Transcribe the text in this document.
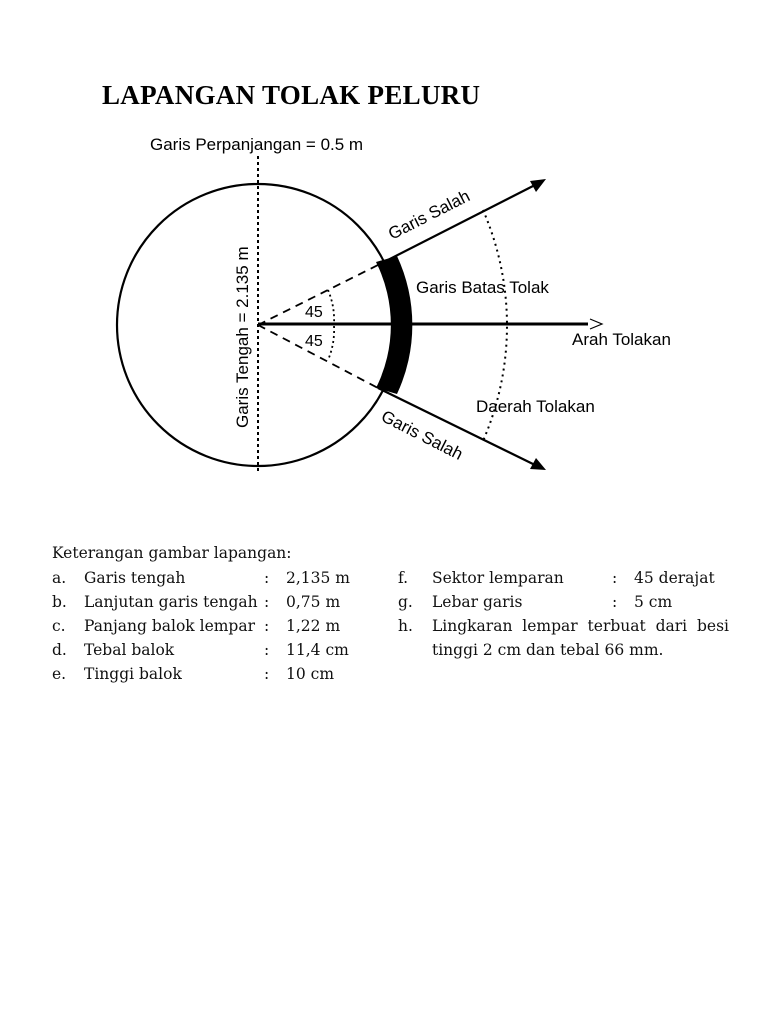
LAPANGAN TOLAK PELURU
Garis Perpanjangan = 0.5 m
Garis Tengah = 2.135 m
Garis Salah
Garis Salah
Garis Batas Tolak
Arah Tolakan
Daerah Tolakan
45
45
Keterangan gambar lapangan:
a. Garis tengah	: 2,135 m
b. Lanjutan garis tengah : 0,75 m
c. Panjang balok lempar : 1,22 m
d. Tebal balok	: 11,4 cm
e. Tinggi balok	: 10 cm
f. Sektor lemparan	: 45 derajat
g. Lebar garis	: 5 cm
h. Lingkaran lempar terbuat dari besi
tinggi 2 cm dan tebal 66 mm.
